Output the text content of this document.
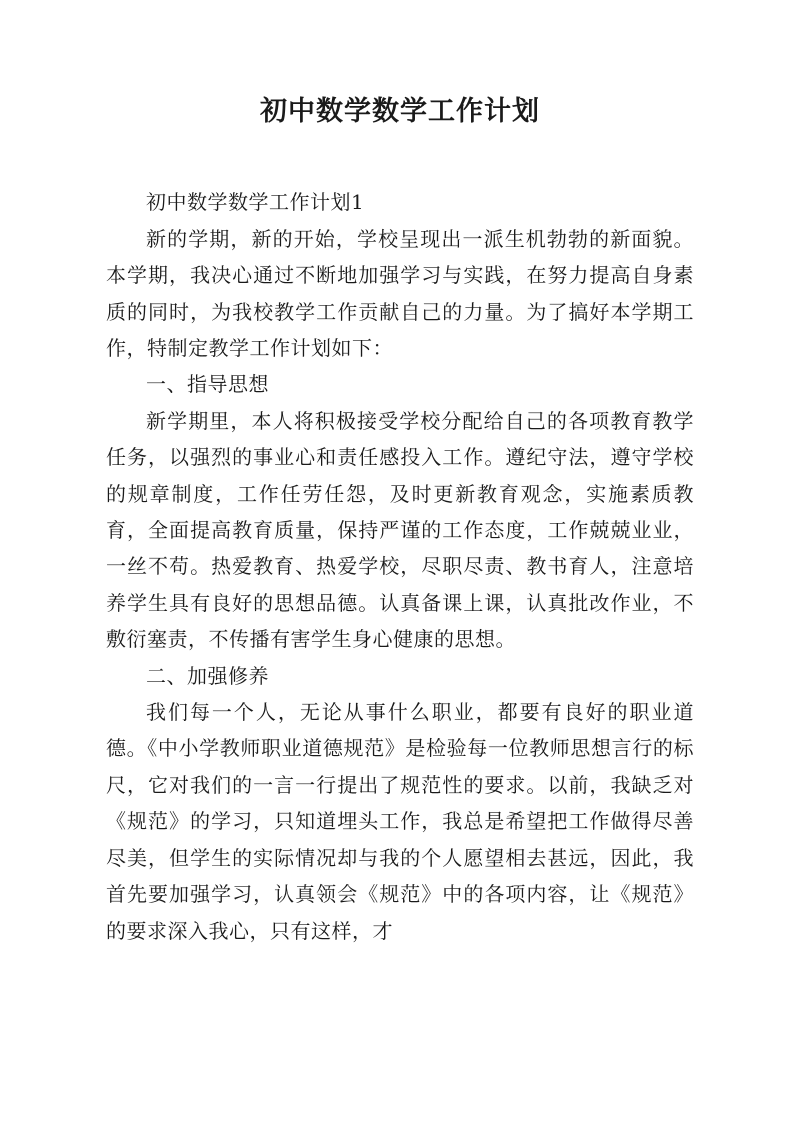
初中数学数学工作计划

初中数学数学工作计划1

新的学期，新的开始，学校呈现出一派生机勃勃的新面貌。本学期，我决心通过不断地加强学习与实践，在努力提高自身素质的同时，为我校教学工作贡献自己的力量。为了搞好本学期工作，特制定教学工作计划如下：

一、指导思想

新学期里，本人将积极接受学校分配给自己的各项教育教学任务，以强烈的事业心和责任感投入工作。遵纪守法，遵守学校的规章制度，工作任劳任怨，及时更新教育观念，实施素质教育，全面提高教育质量，保持严谨的工作态度，工作兢兢业业，一丝不苟。热爱教育、热爱学校，尽职尽责、教书育人，注意培养学生具有良好的思想品德。认真备课上课，认真批改作业，不敷衍塞责，不传播有害学生身心健康的思想。

二、加强修养

我们每一个人，无论从事什么职业，都要有良好的职业道德。《中小学教师职业道德规范》是检验每一位教师思想言行的标尺，它对我们的一言一行提出了规范性的要求。以前，我缺乏对《规范》的学习，只知道埋头工作，我总是希望把工作做得尽善尽美，但学生的实际情况却与我的个人愿望相去甚远，因此，我首先要加强学习，认真领会《规范》中的各项内容，让《规范》的要求深入我心，只有这样，才
